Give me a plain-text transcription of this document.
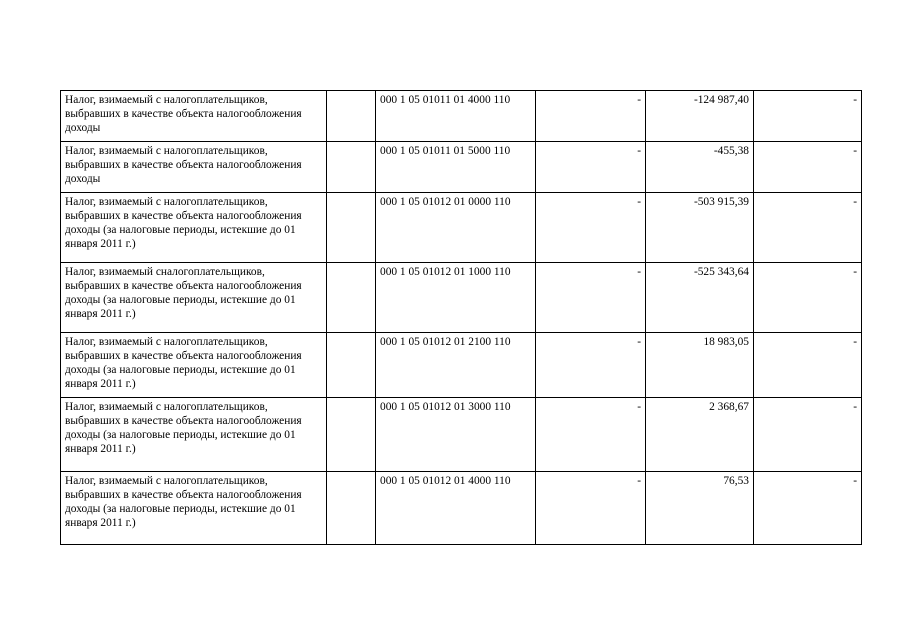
Налог, взимаемый с налогоплательщиков, выбравших в качестве объекта налогообложения доходы		000 1 05 01011 01 4000 110	-	-124 987,40	-
Налог, взимаемый с налогоплательщиков, выбравших в качестве объекта налогообложения доходы		000 1 05 01011 01 5000 110	-	-455,38	-
Налог, взимаемый с налогоплательщиков, выбравших в качестве объекта налогообложения доходы (за налоговые периоды, истекшие до 01 января 2011 г.)		000 1 05 01012 01 0000 110	-	-503 915,39	-
Налог, взимаемый сналогоплательщиков, выбравших в качестве объекта налогообложения доходы (за налоговые периоды, истекшие до 01 января 2011 г.)		000 1 05 01012 01 1000 110	-	-525 343,64	-
Налог, взимаемый с налогоплательщиков, выбравших в качестве объекта налогообложения доходы (за налоговые периоды, истекшие до 01 января 2011 г.)		000 1 05 01012 01 2100 110	-	18 983,05	-
Налог, взимаемый с налогоплательщиков, выбравших в качестве объекта налогообложения доходы (за налоговые периоды, истекшие до 01 января 2011 г.)		000 1 05 01012 01 3000 110	-	2 368,67	-
Налог, взимаемый с налогоплательщиков, выбравших в качестве объекта налогообложения доходы (за налоговые периоды, истекшие до 01 января 2011 г.)		000 1 05 01012 01 4000 110	-	76,53	-
